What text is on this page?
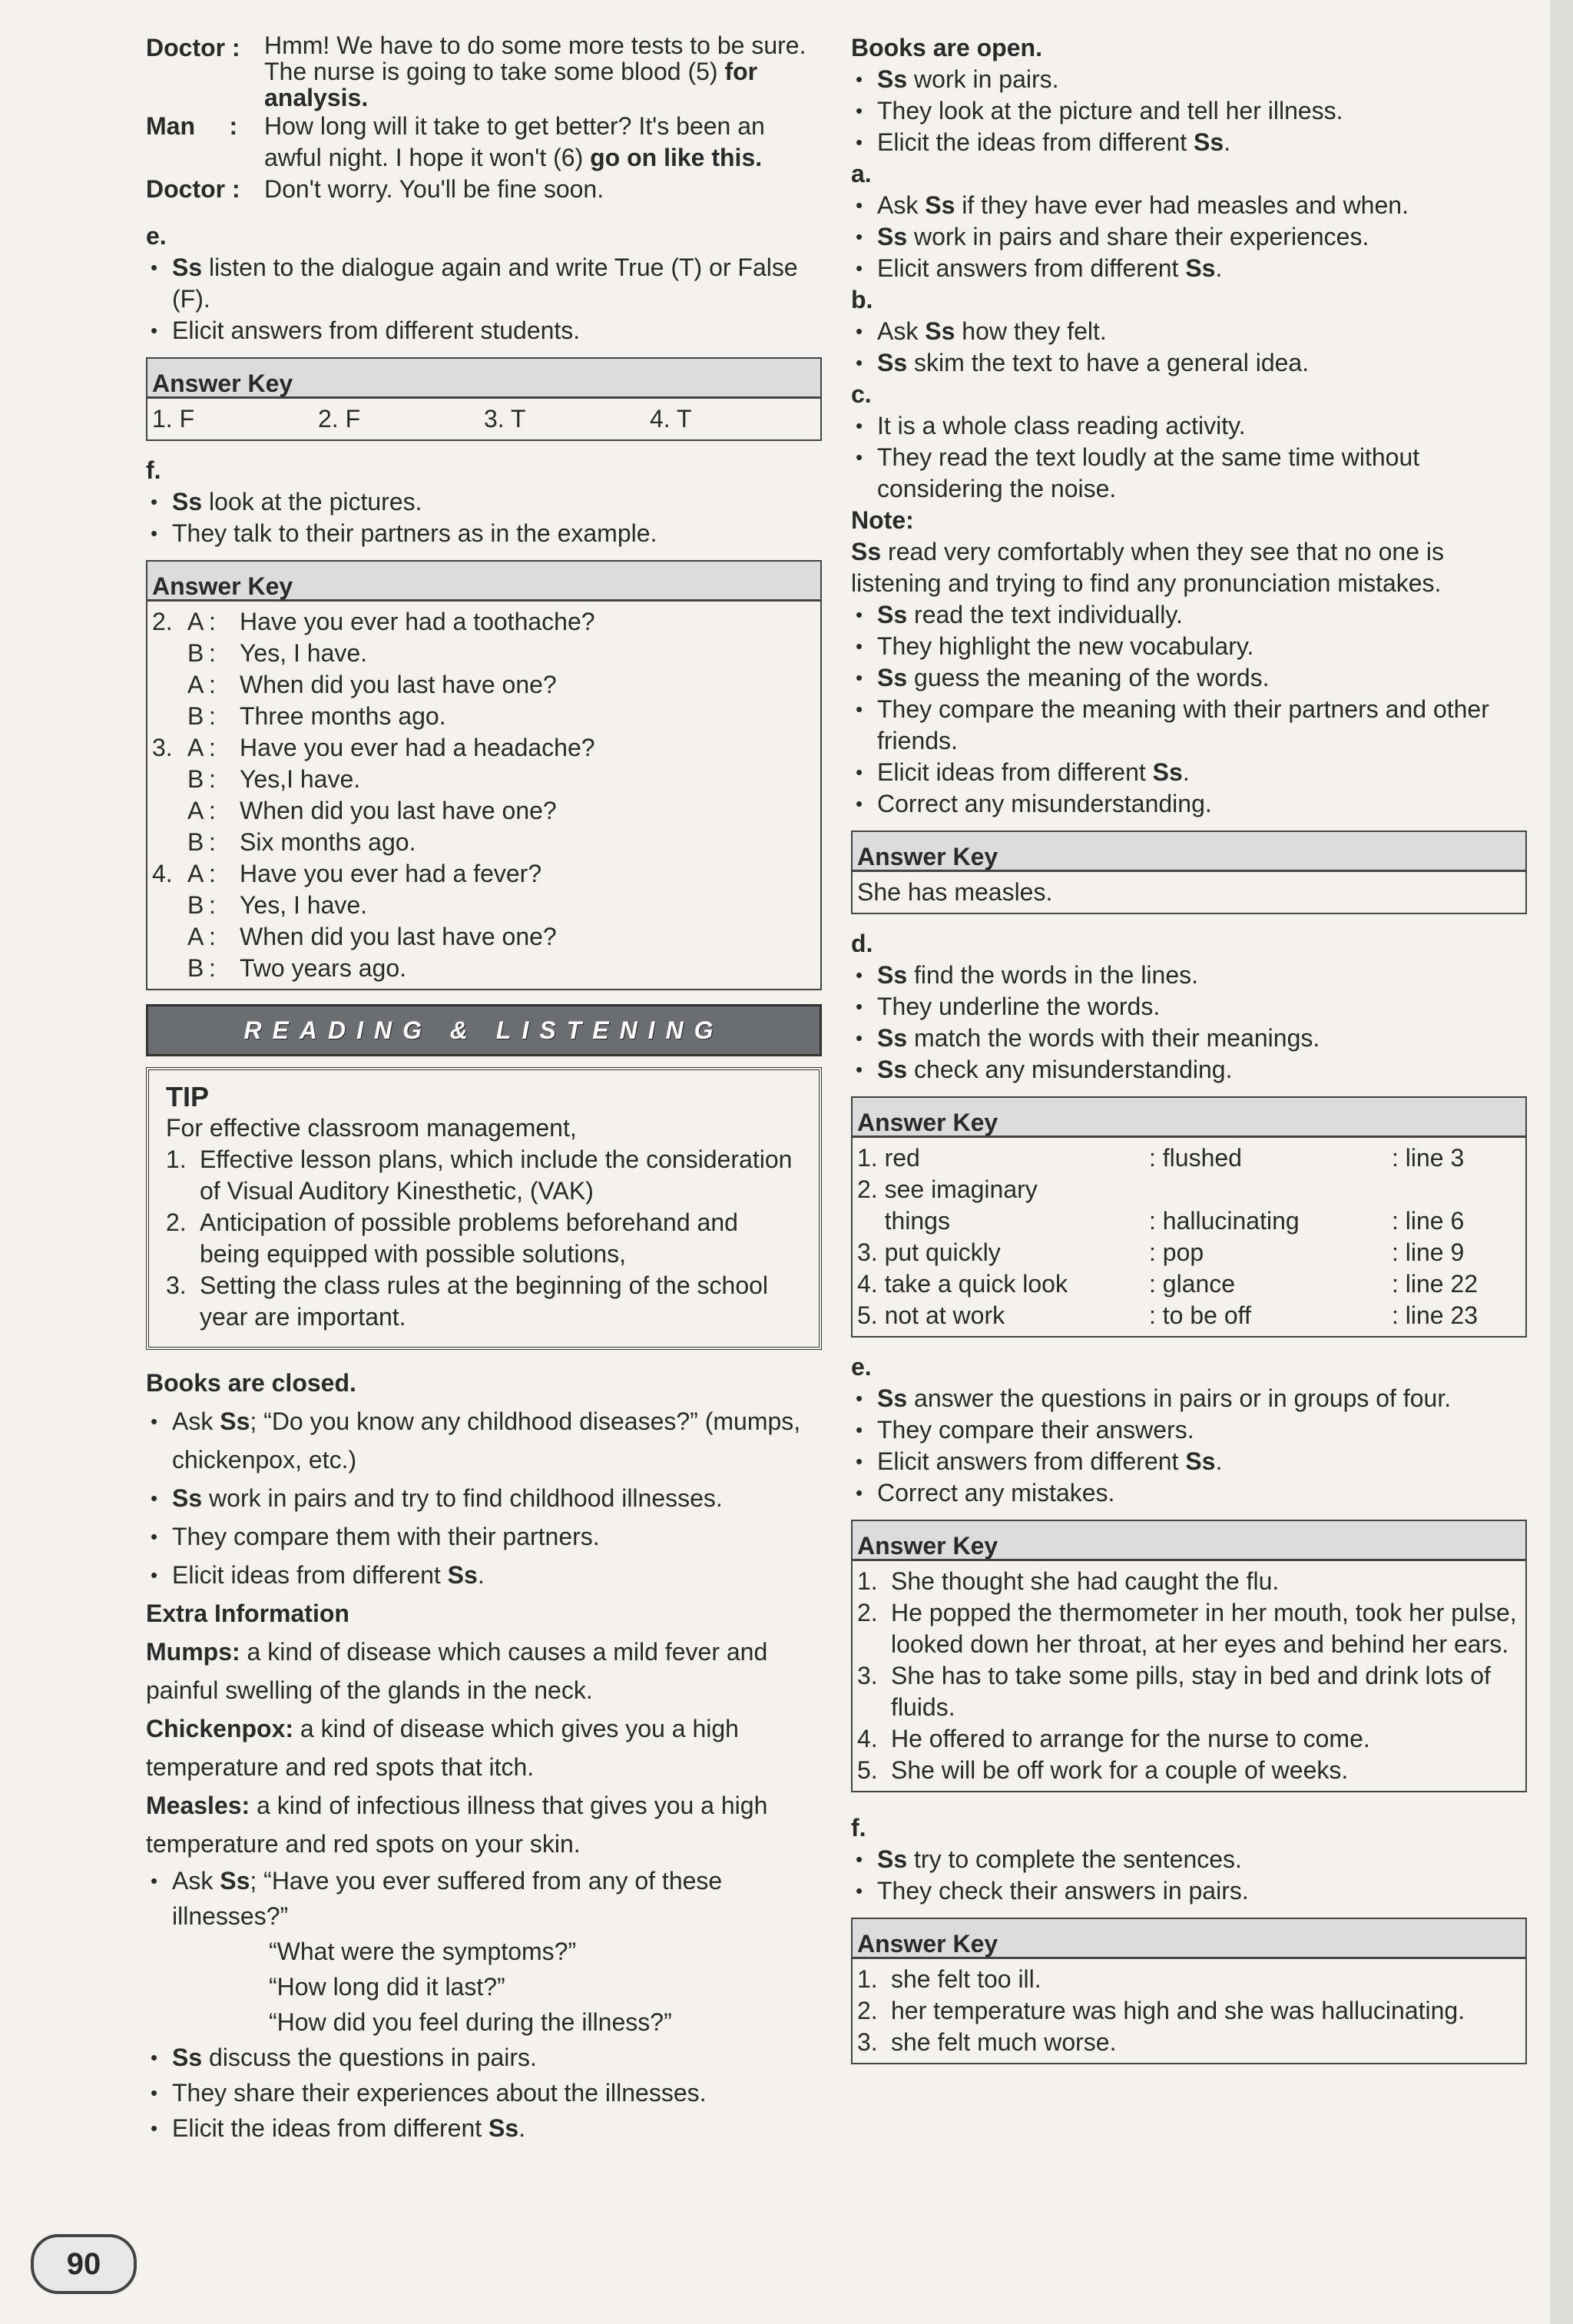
Doctor : Hmm! We have to do some more tests to be sure. The nurse is going to take some blood (5) for analysis.

Man :	How long will it take to get better? It's been an awful night. I hope it won't (6) go on like this.

Doctor : Don't worry. You'll be fine soon.

e.

• Ss listen to the dialogue again and write True (T) or False (F).
• Elicit answers from different students.
Answer Key
1. F	2. F	3. T	4. T

f.

• Ss look at the pictures.
• They talk to their partners as in the example.
Answer Key
2. A : Have you ever had a toothache?
B : Yes, I have.
A : When did you last have one?
B : Three months ago.
3. A : Have you ever had a headache?
B : Yes,I have.
A : When did you last have one?
B : Six months ago.
4. A : Have you ever had a fever?
B : Yes, I have.
A : When did you last have one?
B : Two years ago.
READING & LISTENING
TIP

For effective classroom management,

1. Effective lesson plans, which include the consideration of Visual Auditory Kinesthetic, (VAK)
2. Anticipation of possible problems beforehand and being equipped with possible solutions,
3. Setting the class rules at the beginning of the school year are important.

Books are closed.

• Ask Ss; “Do you know any childhood diseases?” (mumps, chickenpox, etc.)
• Ss work in pairs and try to find childhood illnesses.
• They compare them with their partners.
• Elicit ideas from different Ss.

Extra Information

Mumps: a kind of disease which causes a mild fever and painful swelling of the glands in the neck.

Chickenpox: a kind of disease which gives you a high temperature and red spots that itch.

Measles: a kind of infectious illness that gives you a high temperature and red spots on your skin.

• Ask Ss; “Have you ever suffered from any of these illnesses?”

“What were the symptoms?”

“How long did it last?”

“How did you feel during the illness?”

• Ss discuss the questions in pairs.
• They share their experiences about the illnesses.
• Elicit the ideas from different Ss.
90

Books are open.

• Ss work in pairs.
• They look at the picture and tell her illness.
• Elicit the ideas from different Ss.

a.

• Ask Ss if they have ever had measles and when.
• Ss work in pairs and share their experiences.
• Elicit answers from different Ss.

b.

• Ask Ss how they felt.
• Ss skim the text to have a general idea.

c.

• It is a whole class reading activity.
• They read the text loudly at the same time without considering the noise.

Note:

Ss read very comfortably when they see that no one is listening and trying to find any pronunciation mistakes.

• Ss read the text individually.
• They highlight the new vocabulary.
• Ss guess the meaning of the words.
• They compare the meaning with their partners and other friends.
• Elicit ideas from different Ss.
• Correct any misunderstanding.
Answer Key
She has measles.

d.

• Ss find the words in the lines.
• They underline the words.
• Ss match the words with their meanings.
• Ss check any misunderstanding.
Answer Key
1. red	: flushed	: line 3
2. see imaginary
things	: hallucinating	: line 6
3. put quickly	: pop	: line 9
4. take a quick look	: glance	: line 22
5. not at work	: to be off	: line 23

e.

• Ss answer the questions in pairs or in groups of four.
• They compare their answers.
• Elicit answers from different Ss.
• Correct any mistakes.
Answer Key
1. She thought she had caught the flu.
2. He popped the thermometer in her mouth, took her pulse, looked down her throat, at her eyes and behind her ears.
3. She has to take some pills, stay in bed and drink lots of fluids.
4. He offered to arrange for the nurse to come.
5. She will be off work for a couple of weeks.

f.

• Ss try to complete the sentences.
• They check their answers in pairs.
Answer Key
1. she felt too ill.
2. her temperature was high and she was hallucinating.
3. she felt much worse.
